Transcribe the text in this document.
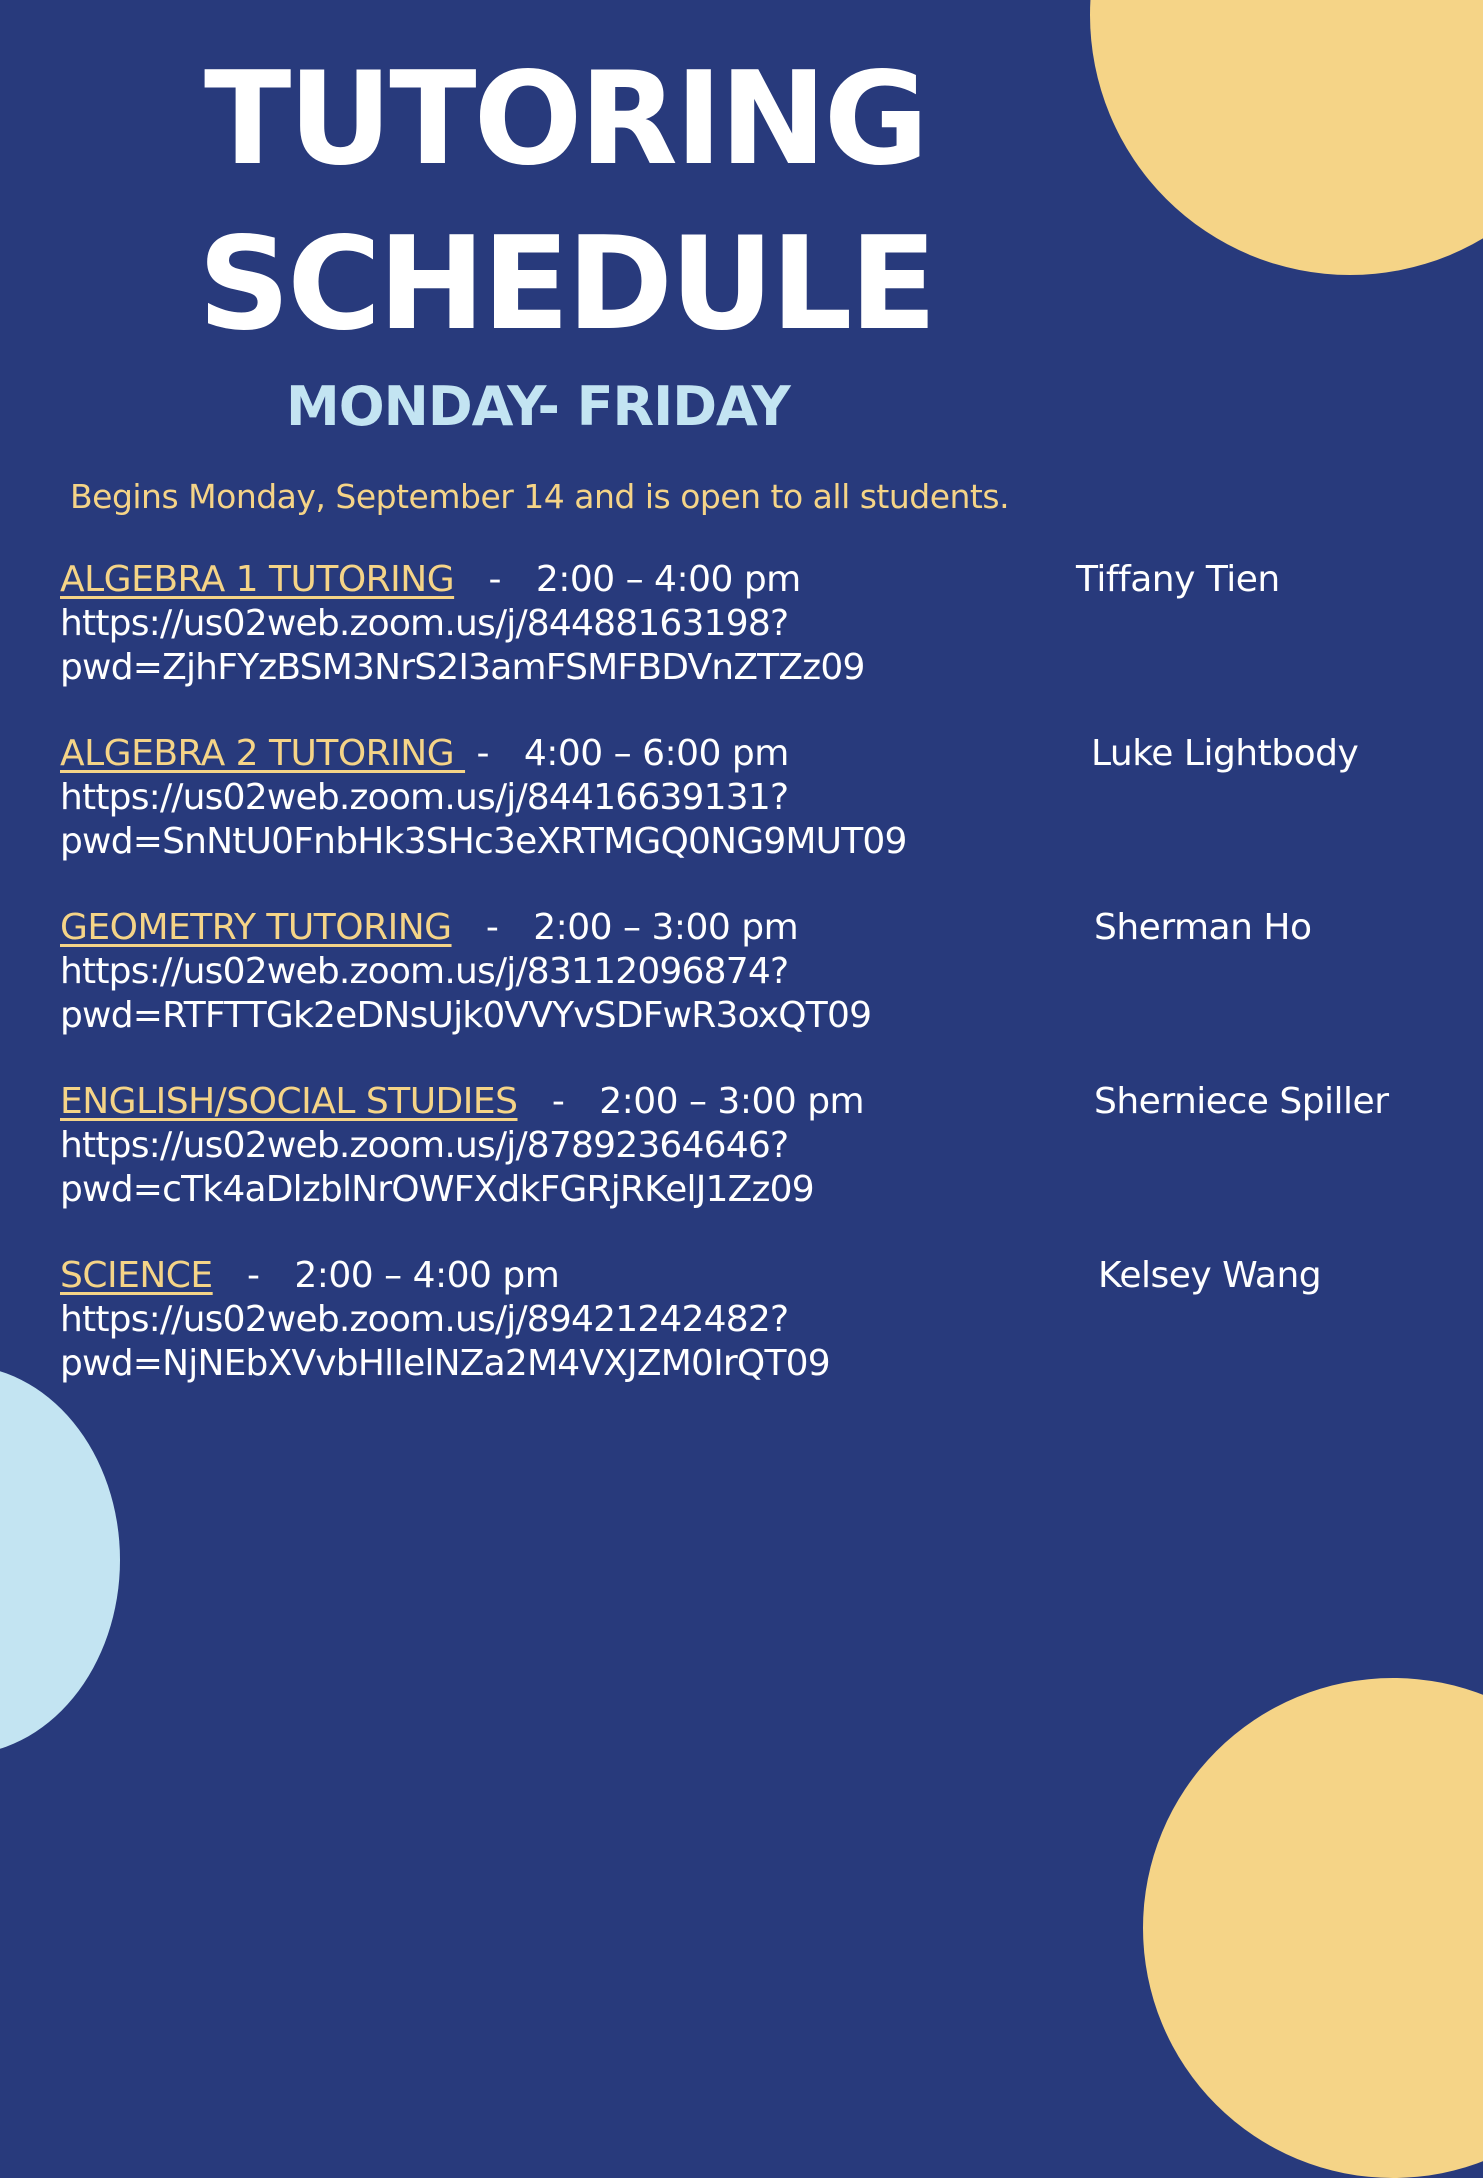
TUTORING
SCHEDULE
MONDAY- FRIDAY
Begins Monday, September 14 and is open to all students.
ALGEBRA 1 TUTORING - 2:00 – 4:00 pm	Tiffany Tien
https://us02web.zoom.us/j/84488163198?
pwd=ZjhFYzBSM3NrS2I3amFSMFBDVnZTZz09
ALGEBRA 2 TUTORING  - 4:00 – 6:00 pm	Luke Lightbody
https://us02web.zoom.us/j/84416639131?
pwd=SnNtU0FnbHk3SHc3eXRTMGQ0NG9MUT09
GEOMETRY TUTORING - 2:00 – 3:00 pm	Sherman Ho
https://us02web.zoom.us/j/83112096874?
pwd=RTFTTGk2eDNsUjk0VVYvSDFwR3oxQT09
ENGLISH/SOCIAL STUDIES - 2:00 – 3:00 pm	Sherniece Spiller
https://us02web.zoom.us/j/87892364646?
pwd=cTk4aDlzblNrOWFXdkFGRjRKelJ1Zz09
SCIENCE - 2:00 – 4:00 pm	Kelsey Wang
https://us02web.zoom.us/j/89421242482?
pwd=NjNEbXVvbHlIelNZa2M4VXJZM0IrQT09
